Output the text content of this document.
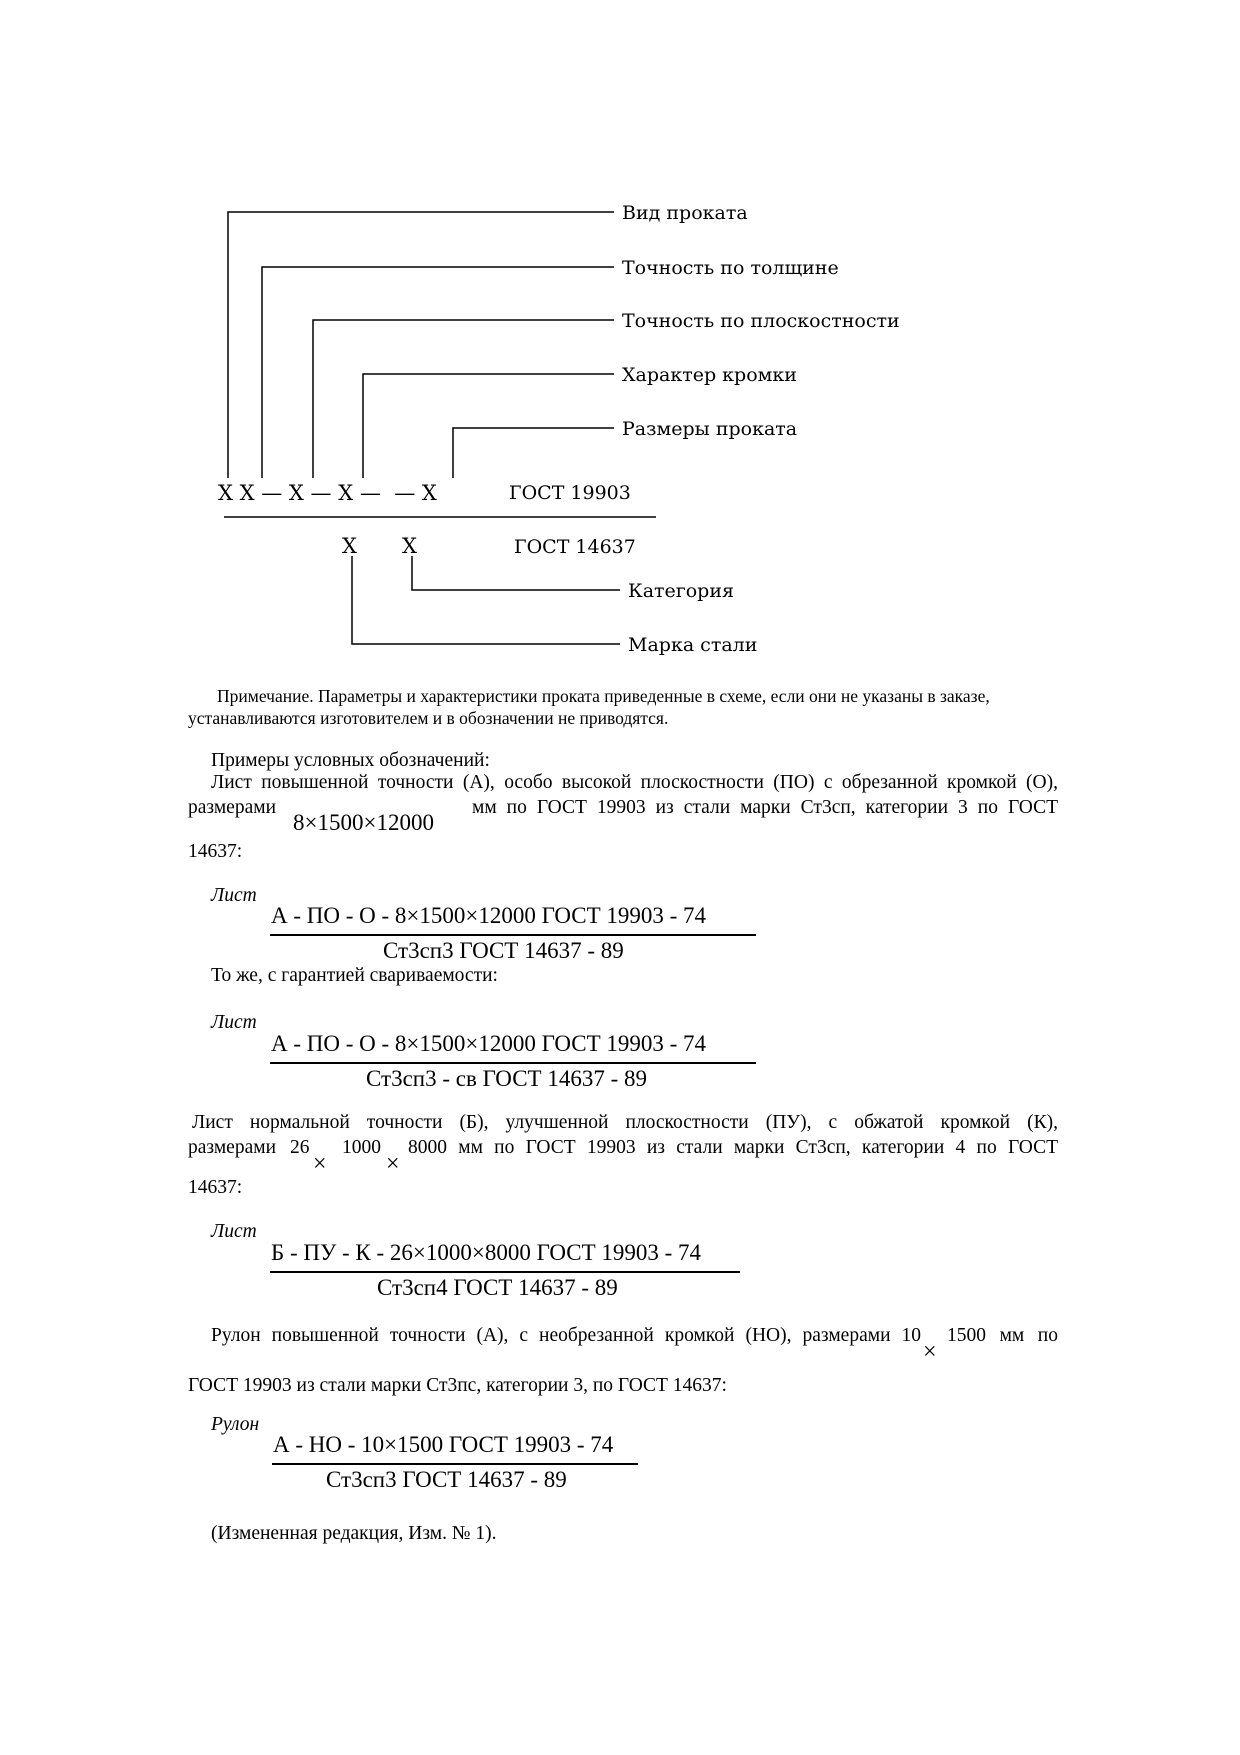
Вид проката
Точность по толщине
Точность по плоскостности
Характер кромки
Размеры проката
X X — X — X —  — X	ГОСТ 19903
X X	ГОСТ 14637
Категория
Марка стали

Примечание. Параметры и характеристики проката приведенные в схеме, если они не указаны в заказе,

устанавливаются изготовителем и в обозначении не приводятся.

Примеры условных обозначений:
Лист повышенной точности (А), особо высокой плоскостности (ПО) с обрезанной кромкой (О),
размерами
8×1500×12000
мм по ГОСТ 19903 из стали марки Ст3сп, категории 3 по ГОСТ
14637:
Лист
А - ПО - О - 8×1500×12000 ГОСТ 19903 - 74
Ст3сп3 ГОСТ 14637 - 89
То же, с гарантией свариваемости:
Лист
А - ПО - О - 8×1500×12000 ГОСТ 19903 - 74
Ст3сп3 - св ГОСТ 14637 - 89
Лист нормальной точности (Б), улучшенной плоскостности (ПУ), с обжатой кромкой (К),
размерами 26
×
1000
×
8000 мм по ГОСТ 19903 из стали марки Ст3сп, категории 4 по ГОСТ
14637:
Лист
Б - ПУ - К - 26×1000×8000 ГОСТ 19903 - 74
Ст3сп4 ГОСТ 14637 - 89
Рулон повышенной точности (А), с необрезанной кромкой (НО), размерами 10
×
1500 мм по
ГОСТ 19903 из стали марки Ст3пс, категории 3, по ГОСТ 14637:
Рулон
А - НО - 10×1500 ГОСТ 19903 - 74
Ст3сп3 ГОСТ 14637 - 89
(Измененная редакция, Изм. № 1).
